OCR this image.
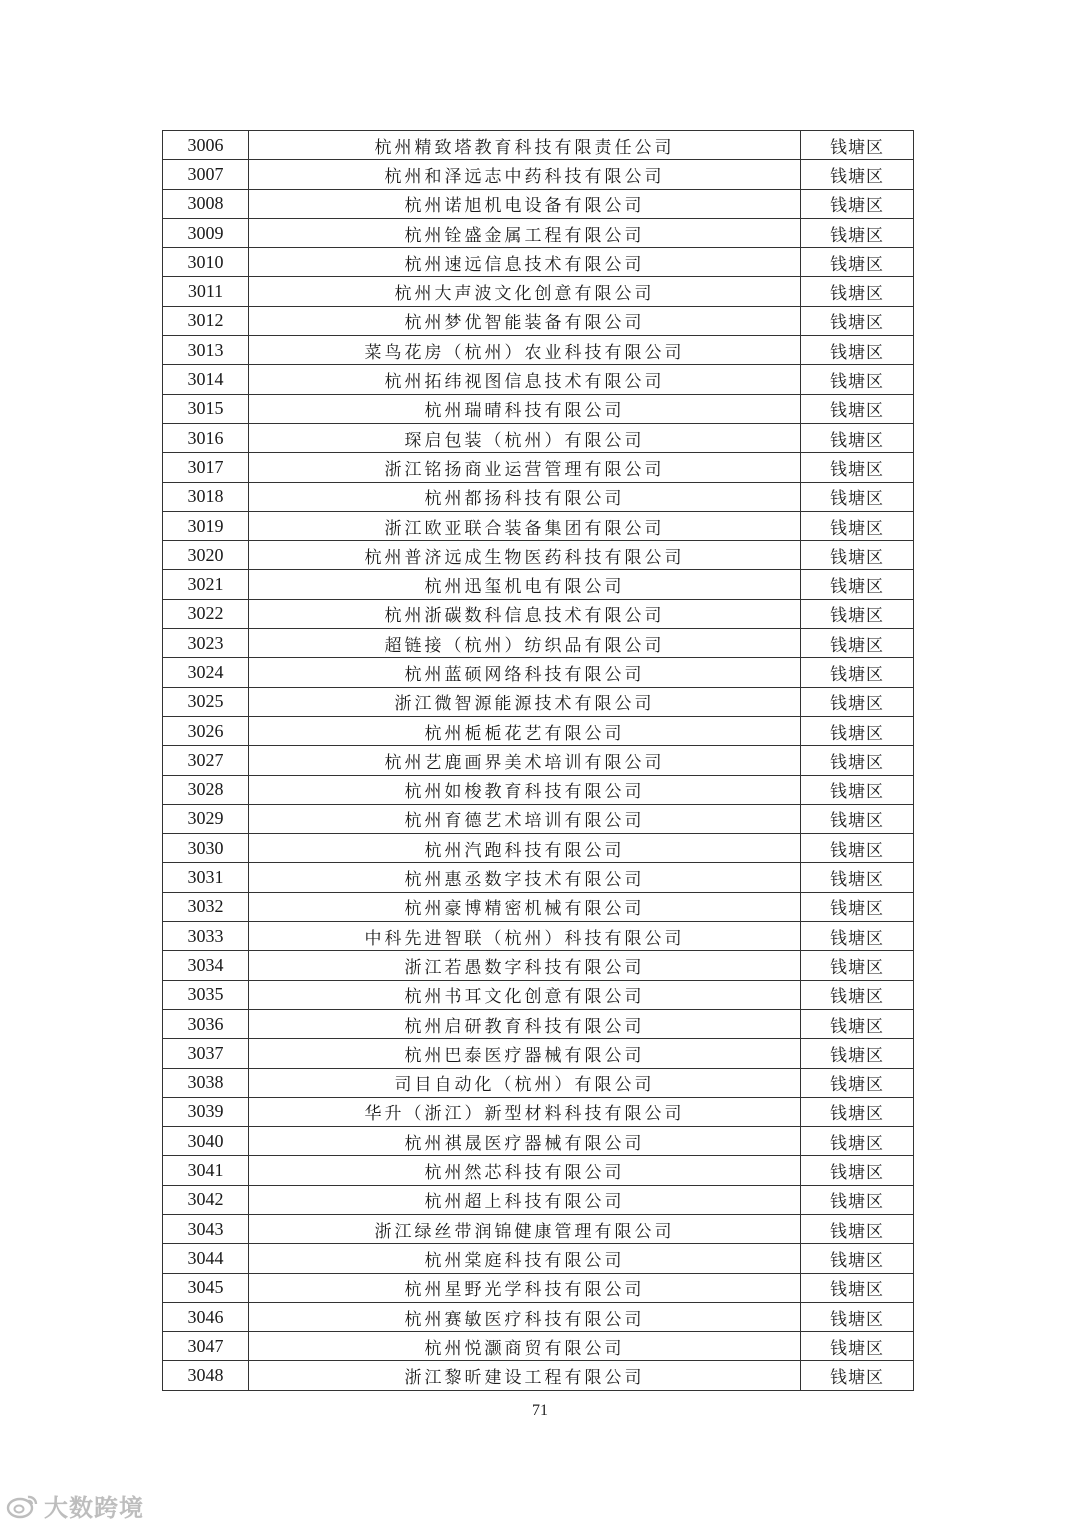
3006	杭州精致塔教育科技有限责任公司	钱塘区
3007	杭州和泽远志中药科技有限公司	钱塘区
3008	杭州诺旭机电设备有限公司	钱塘区
3009	杭州铨盛金属工程有限公司	钱塘区
3010	杭州速远信息技术有限公司	钱塘区
3011	杭州大声波文化创意有限公司	钱塘区
3012	杭州梦优智能装备有限公司	钱塘区
3013	菜鸟花房（杭州）农业科技有限公司	钱塘区
3014	杭州拓纬视图信息技术有限公司	钱塘区
3015	杭州瑞晴科技有限公司	钱塘区
3016	琛启包装（杭州）有限公司	钱塘区
3017	浙江铭扬商业运营管理有限公司	钱塘区
3018	杭州都扬科技有限公司	钱塘区
3019	浙江欧亚联合装备集团有限公司	钱塘区
3020	杭州普济远成生物医药科技有限公司	钱塘区
3021	杭州迅玺机电有限公司	钱塘区
3022	杭州浙碳数科信息技术有限公司	钱塘区
3023	超链接（杭州）纺织品有限公司	钱塘区
3024	杭州蓝硕网络科技有限公司	钱塘区
3025	浙江微智源能源技术有限公司	钱塘区
3026	杭州栀栀花艺有限公司	钱塘区
3027	杭州艺鹿画界美术培训有限公司	钱塘区
3028	杭州如梭教育科技有限公司	钱塘区
3029	杭州育德艺术培训有限公司	钱塘区
3030	杭州汽跑科技有限公司	钱塘区
3031	杭州惠丞数字技术有限公司	钱塘区
3032	杭州豪博精密机械有限公司	钱塘区
3033	中科先进智联（杭州）科技有限公司	钱塘区
3034	浙江若愚数字科技有限公司	钱塘区
3035	杭州书耳文化创意有限公司	钱塘区
3036	杭州启研教育科技有限公司	钱塘区
3037	杭州巴泰医疗器械有限公司	钱塘区
3038	司目自动化（杭州）有限公司	钱塘区
3039	华升（浙江）新型材料科技有限公司	钱塘区
3040	杭州祺晟医疗器械有限公司	钱塘区
3041	杭州然芯科技有限公司	钱塘区
3042	杭州超上科技有限公司	钱塘区
3043	浙江绿丝带润锦健康管理有限公司	钱塘区
3044	杭州棠庭科技有限公司	钱塘区
3045	杭州星野光学科技有限公司	钱塘区
3046	杭州赛敏医疗科技有限公司	钱塘区
3047	杭州悦灏商贸有限公司	钱塘区
3048	浙江黎昕建设工程有限公司	钱塘区
71
大数跨境
